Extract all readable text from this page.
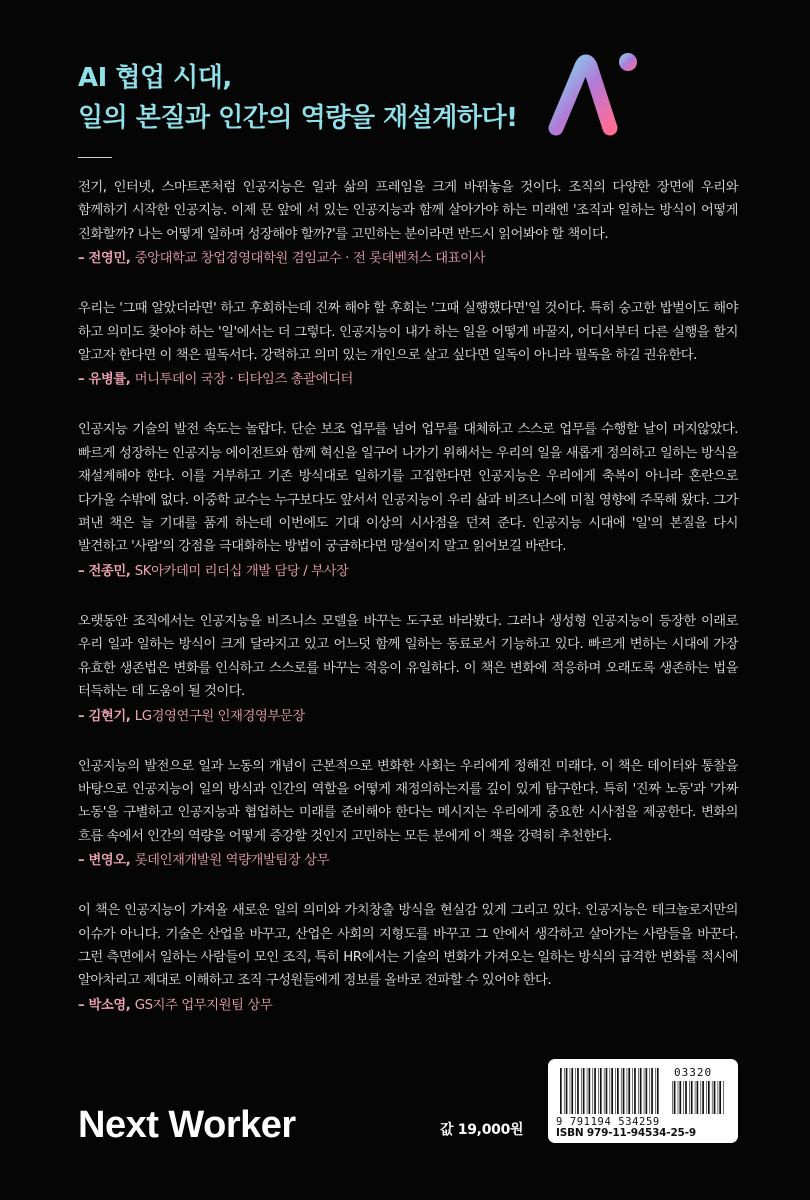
AI 협업 시대,
일의 본질과 인간의 역량을 재설계하다!

전기, 인터넷, 스마트폰처럼 인공지능은 일과 삶의 프레임을 크게 바꿔놓을 것이다. 조직의 다양한 장면에 우리와 함께하기 시작한 인공지능. 이제 문 앞에 서 있는 인공지능과 함께 살아가야 하는 미래엔 '조직과 일하는 방식이 어떻게 진화할까? 나는 어떻게 일하며 성장해야 할까?'를 고민하는 분이라면 반드시 읽어봐야 할 책이다.

– 전영민, 중앙대학교 창업경영대학원 겸임교수 · 전 롯데벤처스 대표이사

우리는 '그때 알았더라면' 하고 후회하는데 진짜 해야 할 후회는 '그때 실행했다면'일 것이다. 특히 숭고한 밥벌이도 해야 하고 의미도 찾아야 하는 '일'에서는 더 그렇다. 인공지능이 내가 하는 일을 어떻게 바꿀지, 어디서부터 다른 실행을 할지 알고자 한다면 이 책은 필독서다. 강력하고 의미 있는 개인으로 살고 싶다면 일독이 아니라 필독을 하길 권유한다.

– 유병률, 머니투데이 국장 · 티타임즈 총괄에디터

인공지능 기술의 발전 속도는 놀랍다. 단순 보조 업무를 넘어 업무를 대체하고 스스로 업무를 수행할 날이 머지않았다. 빠르게 성장하는 인공지능 에이전트와 함께 혁신을 일구어 나가기 위해서는 우리의 일을 새롭게 정의하고 일하는 방식을 재설계해야 한다. 이를 거부하고 기존 방식대로 일하기를 고집한다면 인공지능은 우리에게 축복이 아니라 혼란으로 다가올 수밖에 없다. 이중학 교수는 누구보다도 앞서서 인공지능이 우리 삶과 비즈니스에 미칠 영향에 주목해 왔다. 그가 펴낸 책은 늘 기대를 품게 하는데 이번에도 기대 이상의 시사점을 던져 준다. 인공지능 시대에 '일'의 본질을 다시 발견하고 '사람'의 강점을 극대화하는 방법이 궁금하다면 망설이지 말고 읽어보길 바란다.

– 전종민, SK아카데미 리더십 개발 담당 / 부사장

오랫동안 조직에서는 인공지능을 비즈니스 모델을 바꾸는 도구로 바라봤다. 그러나 생성형 인공지능이 등장한 이래로 우리 일과 일하는 방식이 크게 달라지고 있고 어느덧 함께 일하는 동료로서 기능하고 있다. 빠르게 변하는 시대에 가장 유효한 생존법은 변화를 인식하고 스스로를 바꾸는 적응이 유일하다. 이 책은 변화에 적응하며 오래도록 생존하는 법을 터득하는 데 도움이 될 것이다.

– 김현기, LG경영연구원 인재경영부문장

인공지능의 발전으로 일과 노동의 개념이 근본적으로 변화한 사회는 우리에게 정해진 미래다. 이 책은 데이터와 통찰을 바탕으로 인공지능이 일의 방식과 인간의 역할을 어떻게 재정의하는지를 깊이 있게 탐구한다. 특히 '진짜 노동'과 '가짜 노동'을 구별하고 인공지능과 협업하는 미래를 준비해야 한다는 메시지는 우리에게 중요한 시사점을 제공한다. 변화의 흐름 속에서 인간의 역량을 어떻게 증강할 것인지 고민하는 모든 분에게 이 책을 강력히 추천한다.

– 변영오, 롯데인재개발원 역량개발팀장 상무

이 책은 인공지능이 가져올 새로운 일의 의미와 가치창출 방식을 현실감 있게 그리고 있다. 인공지능은 테크놀로지만의 이슈가 아니다. 기술은 산업을 바꾸고, 산업은 사회의 지형도를 바꾸고 그 안에서 생각하고 살아가는 사람들을 바꾼다. 그런 측면에서 일하는 사람들이 모인 조직, 특히 HR에서는 기술의 변화가 가져오는 일하는 방식의 급격한 변화를 적시에 알아차리고 제대로 이해하고 조직 구성원들에게 정보를 올바로 전파할 수 있어야 한다.

– 박소영, GS지주 업무지원팀 상무
Next Worker	값 19,000원
03320
9 791194 534259
ISBN 979-11-94534-25-9
